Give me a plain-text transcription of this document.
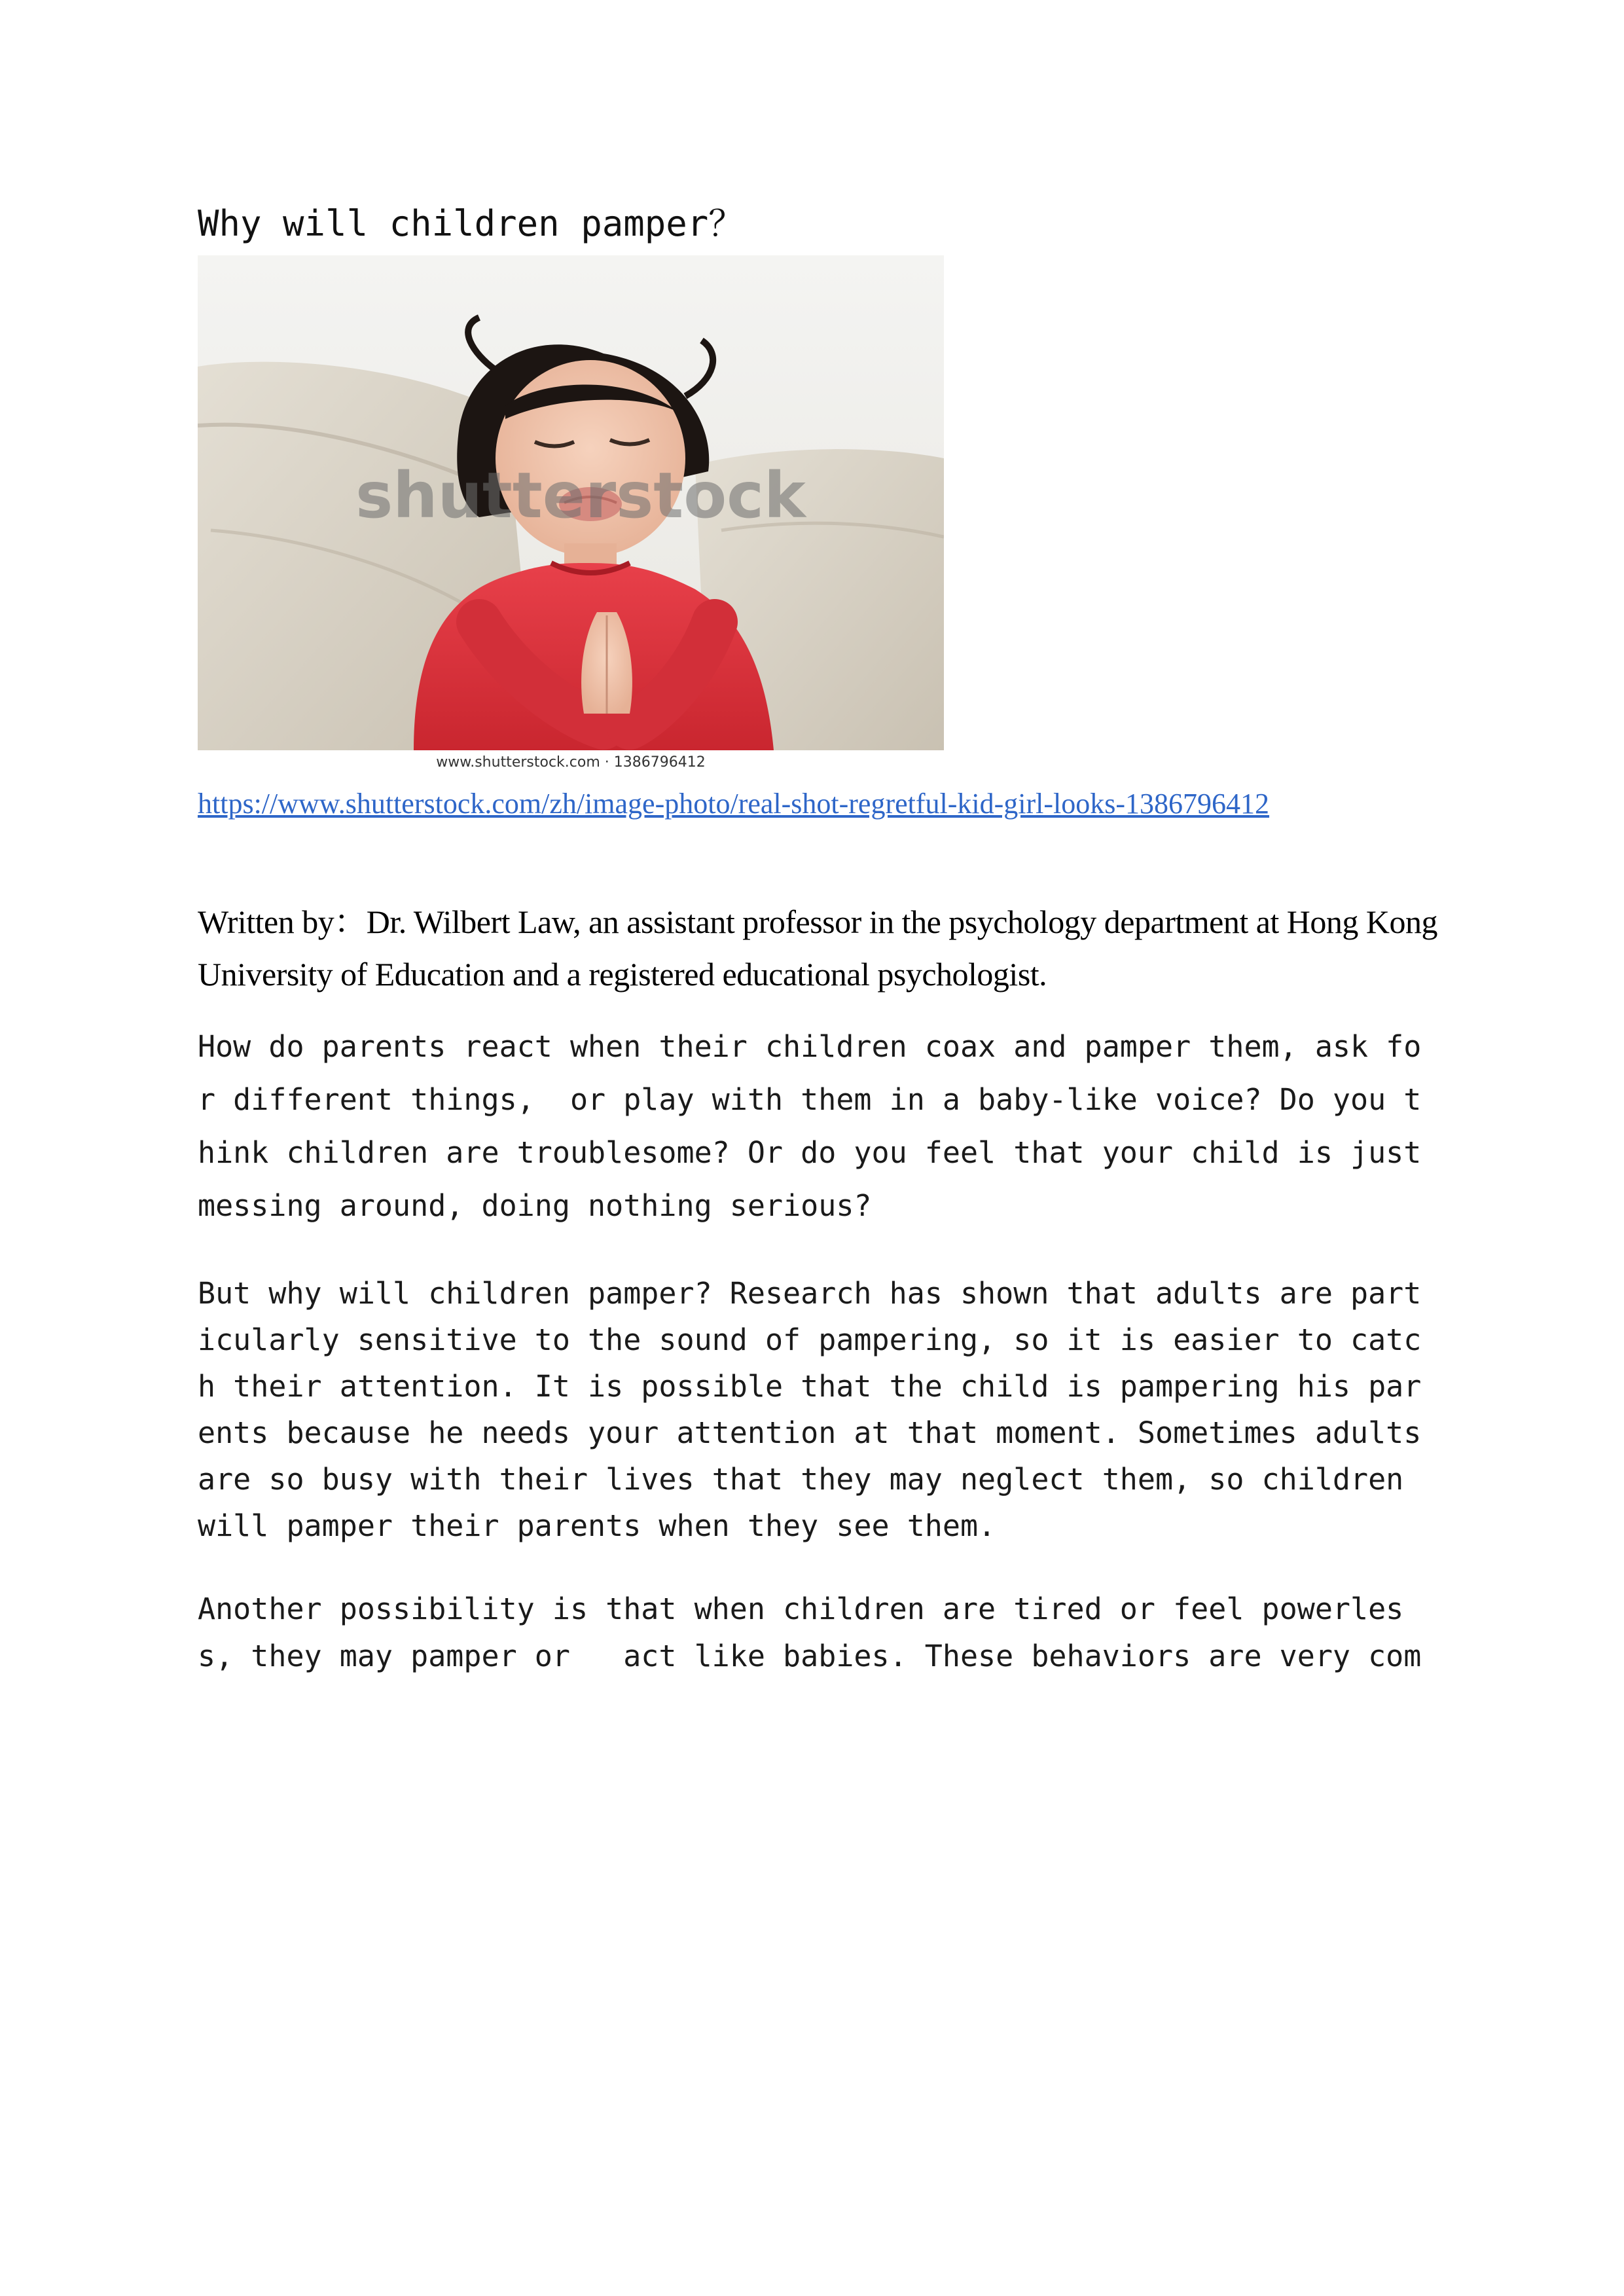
Why will children pamper？
shutterstock
www.shutterstock.com · 1386796412
https://www.shutterstock.com/zh/image-photo/real-shot-regretful-kid-girl-looks-1386796412
Written by：Dr. Wilbert Law, an assistant professor in the psychology department at Hong Kong University of Education and a registered educational psychologist.
How do parents react when their children coax and pamper them, ask fo
r different things,  or play with them in a baby-like voice? Do you t
hink children are troublesome? Or do you feel that your child is just
messing around, doing nothing serious?
But why will children pamper? Research has shown that adults are part
icularly sensitive to the sound of pampering, so it is easier to catc
h their attention. It is possible that the child is pampering his par
ents because he needs your attention at that moment. Sometimes adults
are so busy with their lives that they may neglect them, so children
will pamper their parents when they see them.
Another possibility is that when children are tired or feel powerles
s, they may pamper or   act like babies. These behaviors are very com
